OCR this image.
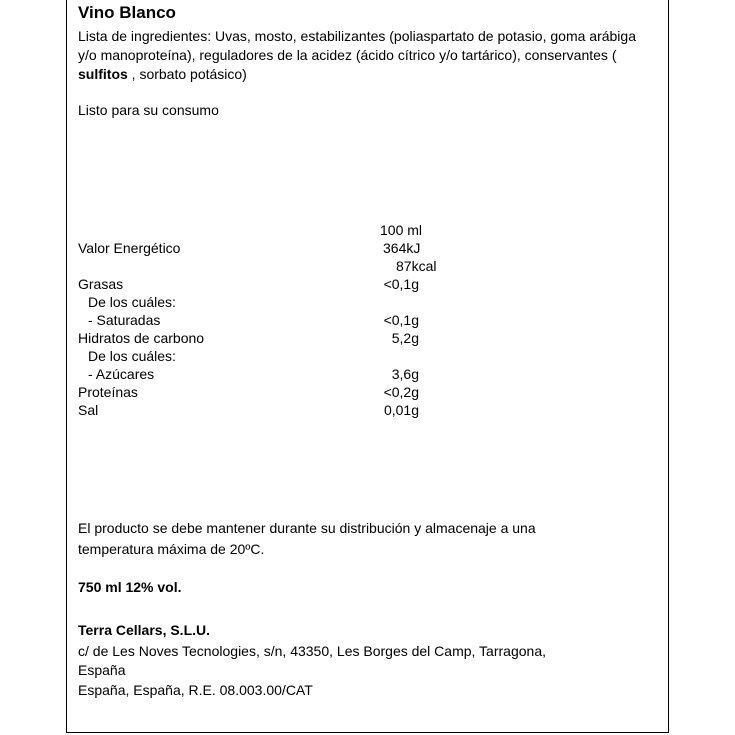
Vino Blanco
Lista de ingredientes: Uvas, mosto, estabilizantes (poliaspartato de potasio, goma arábiga y/o manoproteína), reguladores de la acidez (ácido cítrico y/o tartárico), conservantes ( sulfitos , sorbato potásico)
Listo para su consumo
100 ml
Valor Energético	364kJ
87kcal
Grasas	<0,1g
De los cuáles:
- Saturadas	<0,1g
Hidratos de carbono	5,2g
De los cuáles:
- Azúcares	3,6g
Proteínas	<0,2g
Sal	0,01g
El producto se debe mantener durante su distribución y almacenaje a una
temperatura máxima de 20ºC.
750 ml 12% vol.
Terra Cellars, S.L.U.
c/ de Les Noves Tecnologies, s/n, 43350, Les Borges del Camp, Tarragona,
España
España, España, R.E. 08.003.00/CAT
